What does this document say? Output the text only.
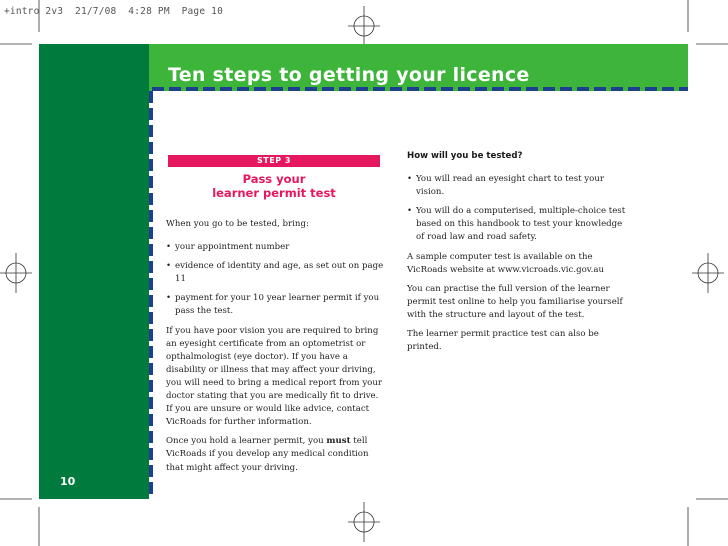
+intro 2v3  21/7/08  4:28 PM  Page 10
Ten steps to getting your licence
10
STEP 3
Pass your
learner permit test

When you go to be tested, bring:

• your appointment number
• evidence of identity and age, as set out on page 11
• payment for your 10 year learner permit if you pass the test.

If you have poor vision you are required to bring an eyesight certificate from an optometrist or opthalmologist (eye doctor). If you have a disability or illness that may affect your driving, you will need to bring a medical report from your doctor stating that you are medically fit to drive. If you are unsure or would like advice, contact VicRoads for further information.

Once you hold a learner permit, you must tell VicRoads if you develop any medical condition that might affect your driving.

How will you be tested?
• You will read an eyesight chart to test your vision.
• You will do a computerised, multiple-choice test based on this handbook to test your knowledge of road law and road safety.

A sample computer test is available on the VicRoads website at www.vicroads.vic.gov.au

You can practise the full version of the learner permit test online to help you familiarise yourself with the structure and layout of the test.

The learner permit practice test can also be printed.
